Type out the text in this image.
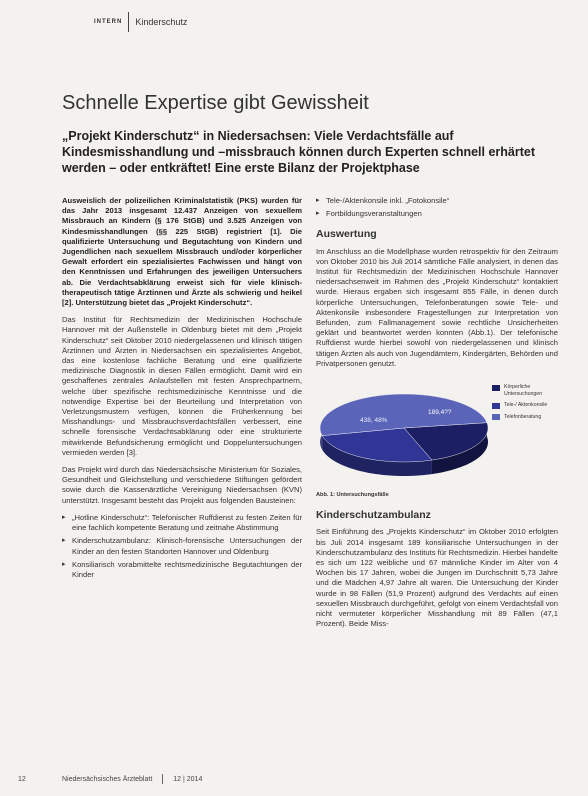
INTERN Kinderschutz
Schnelle Expertise gibt Gewissheit
„Projekt Kinderschutz“ in Niedersachsen: Viele Verdachtsfälle auf Kindesmisshandlung und –missbrauch können durch Experten schnell erhärtet werden – oder entkräftet! Eine erste Bilanz der Projektphase

Ausweislich der polizeilichen Kriminalstatistik (PKS) wurden für das Jahr 2013 insgesamt 12.437 Anzeigen von sexuellem Missbrauch an Kindern (§ 176 StGB) und 3.525 Anzeigen von Kindesmisshandlungen (§§ 225 StGB) registriert [1]. Die qualifizierte Untersuchung und Begutachtung von Kindern und Jugendlichen nach sexuellem Missbrauch und/oder körperlicher Gewalt erfordert ein spezialisiertes Fachwissen und hängt von den Kenntnissen und Erfahrungen des jeweiligen Untersuchers ab. Die Verdachtsabklärung erweist sich für viele klinisch-therapeutisch tätige Ärztinnen und Ärzte als schwierig und heikel [2]. Unterstützung bietet das „Projekt Kinderschutz“.

Das Institut für Rechtsmedizin der Medizinischen Hochschule Hannover mit der Außenstelle in Oldenburg bietet mit dem „Projekt Kinderschutz“ seit Oktober 2010 niedergelassenen und klinisch tätigen Ärztinnen und Ärzten in Niedersachsen ein spezialisiertes Angebot, das eine kostenlose fachliche Beratung und eine qualifizierte medizinische Diagnostik in diesen Fällen ermöglicht. Damit wird ein geschaffenes zentrales Anlaufstellen mit festen Ansprechpartnern, welche über spezifische rechtsmedizinische Kenntnisse und die notwendige Expertise bei der Beurteilung und Interpretation von Verletzungsmustern verfügen, können die Früherkennung bei Misshandlungs- und Missbrauchsverdachtsfällen verbessert, eine schnelle forensische Verdachtsabklärung oder eine strukturierte mitwirkende Befundsicherung ermöglicht und Doppeluntersuchungen vermieden werden [3].

Das Projekt wird durch das Niedersächsische Ministerium für Soziales, Gesundheit und Gleichstellung und verschiedene Stiftungen gefördert sowie durch die Kassenärztliche Vereinigung Niedersachsen (KVN) unterstützt. Insgesamt besteht das Projekt aus folgenden Bausteinen:

▸ „Hotline Kinderschutz“: Telefonischer Ruffdienst zu festen Zeiten für eine fachlich kompetente Beratung und zeitnahe Abstimmung
▸ Kinderschutzambulanz: Klinisch-forensische Untersuchungen der Kinder an den festen Standorten Hannover und Oldenburg
▸ Konsiliarisch vorabmittelte rechtsmedizinische Begutachtungen der Kinder
▸ Tele-/Aktenkonsile inkl. „Fotokonsile“
▸ Fortbildungsveranstaltungen
Auswertung

Im Anschluss an die Modellphase wurden retrospektiv für den Zeitraum von Oktober 2010 bis Juli 2014 sämtliche Fälle analysiert, in denen das Institut für Rechtsmedizin der Medizinischen Hochschule Hannover niedersachsenweit im Rahmen des „Projekt Kinderschutz“ kontaktiert wurde. Hieraus ergaben sich insgesamt 855 Fälle, in denen durch körperliche Untersuchungen, Telefonberatungen sowie Tele- und Aktenkonsile insbesondere Fragestellungen zur Interpretation von Befunden, zum Fallmanagement sowie rechtliche Unsicherheiten geklärt und beantwortet werden konnten (Abb.1). Der telefonische Ruffdienst wurde hierbei sowohl von niedergelassenen und klinisch tätigen Ärzten als auch von Jugendämtern, Kindergärten, Behörden und Privatpersonen genutzt.

438, 48%
189,4??
Körperliche Untersuchungen
Tele-/ Aktenkonsile
Telefonberatung
Abb. 1: Untersuchungsfälle
Kinderschutzambulanz

Seit Einführung des „Projekts Kinderschutz“ im Oktober 2010 erfolgten bis Juli 2014 insgesamt 189 konsiliarische Untersuchungen in der Kinderschutzambulanz des Instituts für Rechtsmedizin. Hierbei handelte es sich um 122 weibliche und 67 männliche Kinder im Alter von 4 Wochen bis 17 Jahren, wobei die Jungen im Durchschnitt 5,73 Jahre und die Mädchen 4,97 Jahre alt waren. Die Untersuchung der Kinder wurde in 98 Fällen (51,9 Prozent) aufgrund des Verdachts auf einen sexuellen Missbrauch durchgeführt, gefolgt von einem Verdachtsfall von nicht vermuteter körperlicher Misshandlung mit 89 Fällen (47,1 Prozent). Beide Miss-

12	Niedersächsisches Ärzteblatt	12 | 2014
